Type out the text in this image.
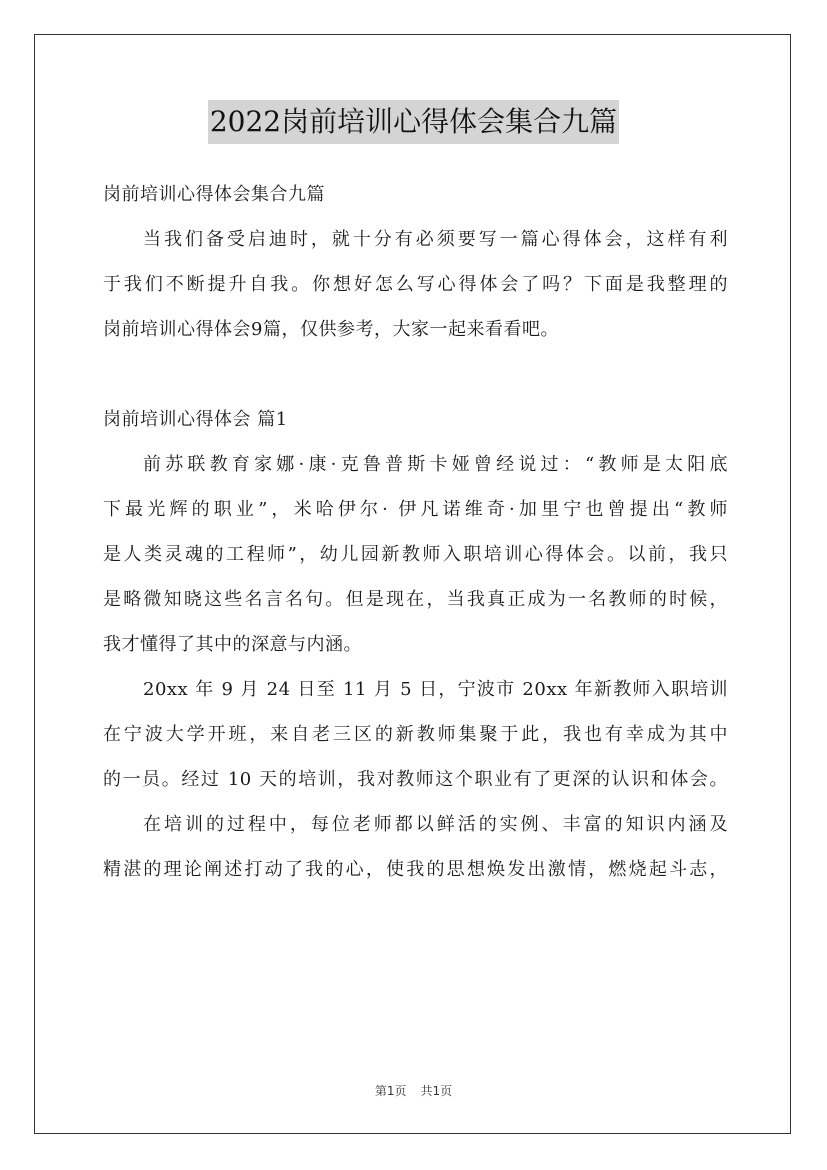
2022岗前培训心得体会集合九篇
岗前培训心得体会集合九篇
当我们备受启迪时，就十分有必须要写一篇心得体会，这样有利
于我们不断提升自我。你想好怎么写心得体会了吗？下面是我整理的
岗前培训心得体会9篇，仅供参考，大家一起来看看吧。
岗前培训心得体会 篇1
前苏联教育家娜·康·克鲁普斯卡娅曾经说过：“教师是太阳底
下最光辉的职业”，米哈伊尔· 伊凡诺维奇·加里宁也曾提出“教师
是人类灵魂的工程师”，幼儿园新教师入职培训心得体会。以前，我只
是略微知晓这些名言名句。但是现在，当我真正成为一名教师的时候，
我才懂得了其中的深意与内涵。
20xx 年 9 月 24 日至 11 月 5 日，宁波市 20xx 年新教师入职培训
在宁波大学开班，来自老三区的新教师集聚于此，我也有幸成为其中
的一员。经过 10 天的培训，我对教师这个职业有了更深的认识和体会。
在培训的过程中，每位老师都以鲜活的实例、丰富的知识内涵及
精湛的理论阐述打动了我的心，使我的思想焕发出激情，燃烧起斗志，
第1页 共1页
